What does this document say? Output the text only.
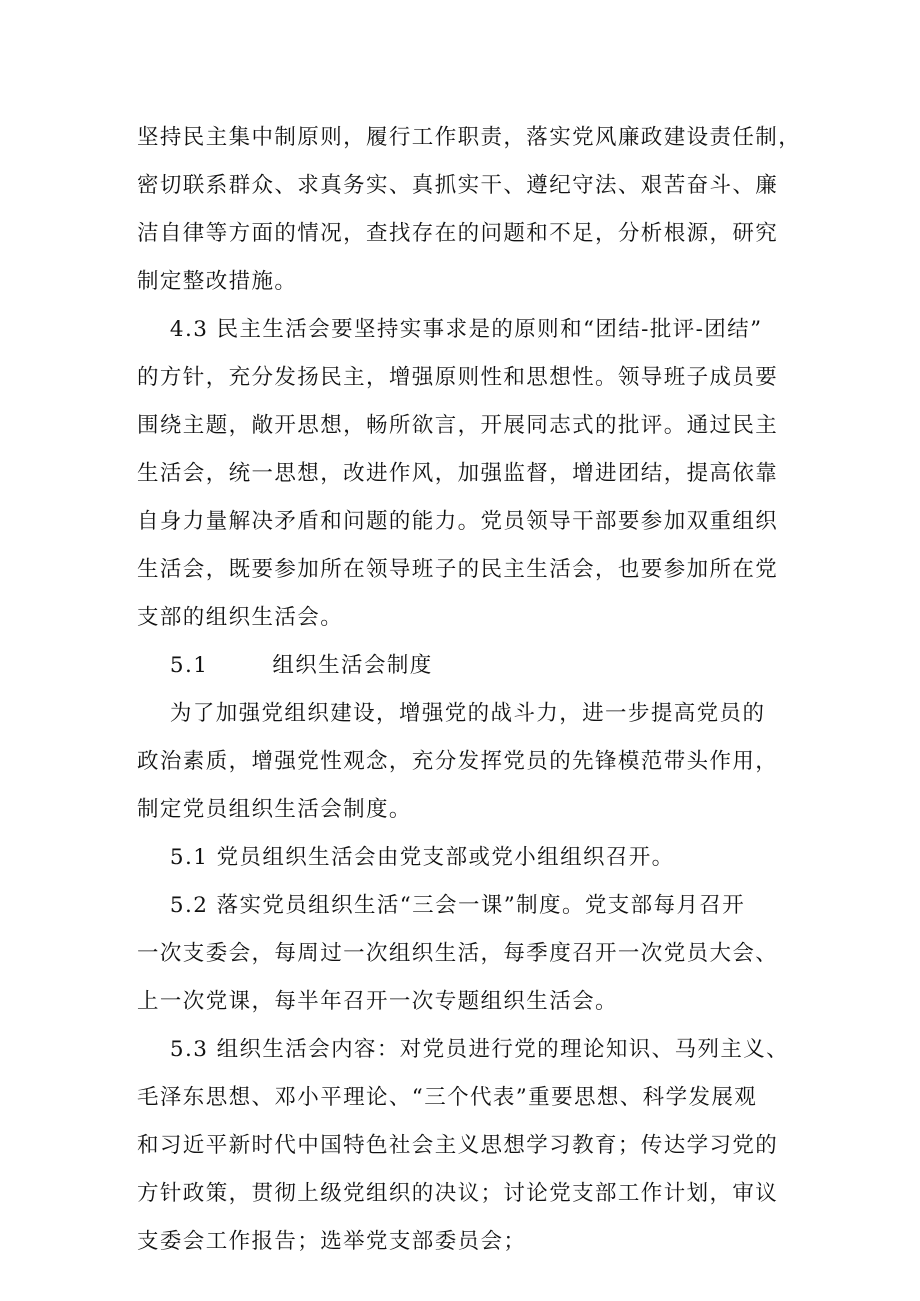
坚持民主集中制原则，履行工作职责，落实党风廉政建设责任制，
密切联系群众、求真务实、真抓实干、遵纪守法、艰苦奋斗、廉
洁自律等方面的情况，查找存在的问题和不足，分析根源，研究
制定整改措施。
4.3 民主生活会要坚持实事求是的原则和“团结-批评-团结”
的方针，充分发扬民主，增强原则性和思想性。领导班子成员要
围绕主题，敞开思想，畅所欲言，开展同志式的批评。通过民主
生活会，统一思想，改进作风，加强监督，增进团结，提高依靠
自身力量解决矛盾和问题的能力。党员领导干部要参加双重组织
生活会，既要参加所在领导班子的民主生活会，也要参加所在党
支部的组织生活会。
5.1	组织生活会制度
为了加强党组织建设，增强党的战斗力，进一步提高党员的
政治素质，增强党性观念，充分发挥党员的先锋模范带头作用，
制定党员组织生活会制度。
5.1 党员组织生活会由党支部或党小组组织召开。
5.2 落实党员组织生活“三会一课”制度。党支部每月召开
一次支委会，每周过一次组织生活，每季度召开一次党员大会、
上一次党课，每半年召开一次专题组织生活会。
5.3 组织生活会内容：对党员进行党的理论知识、马列主义、
毛泽东思想、邓小平理论、“三个代表”重要思想、科学发展观
和习近平新时代中国特色社会主义思想学习教育；传达学习党的
方针政策，贯彻上级党组织的决议；讨论党支部工作计划，审议
支委会工作报告；选举党支部委员会；
